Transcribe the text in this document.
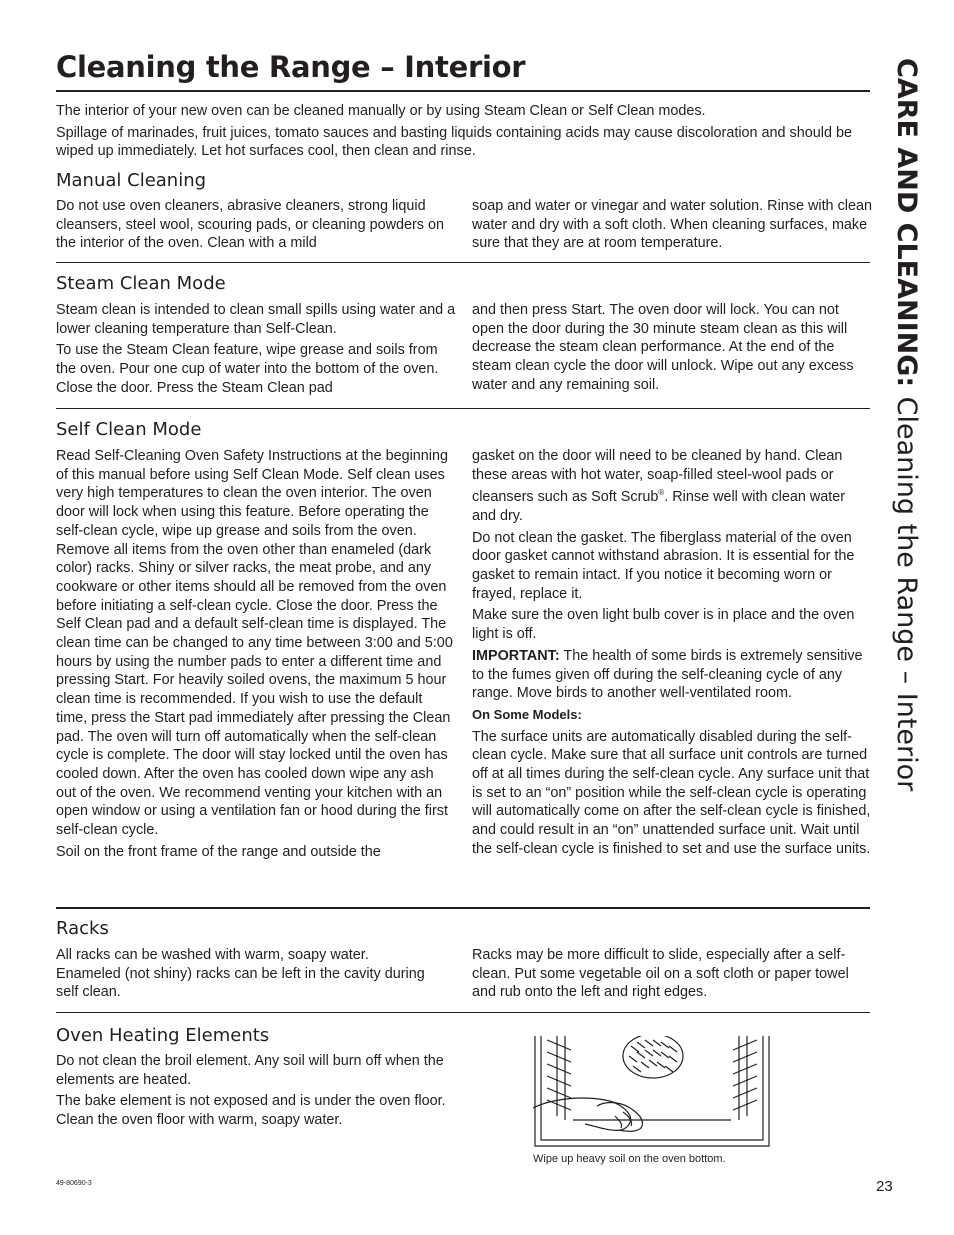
Cleaning the Range – Interior	CARE AND CLEANING: Cleaning the Range – Interior

The interior of your new oven can be cleaned manually or by using Steam Clean or Self Clean modes.

Spillage of marinades, fruit juices, tomato sauces and basting liquids containing acids may cause discoloration and should be wiped up immediately. Let hot surfaces cool, then clean and rinse.

Manual Cleaning

Do not use oven cleaners, abrasive cleaners, strong liquid cleansers, steel wool, scouring pads, or cleaning powders on the interior of the oven. Clean with a mild

soap and water or vinegar and water solution. Rinse with clean water and dry with a soft cloth. When cleaning surfaces, make sure that they are at room temperature.

Steam Clean Mode

Steam clean is intended to clean small spills using water and a lower cleaning temperature than Self-Clean.

To use the Steam Clean feature, wipe grease and soils from the oven. Pour one cup of water into the bottom of the oven. Close the door. Press the Steam Clean pad

and then press Start. The oven door will lock. You can not open the door during the 30 minute steam clean as this will decrease the steam clean performance. At the end of the steam clean cycle the door will unlock. Wipe out any excess water and any remaining soil.

Self Clean Mode

Read Self-Cleaning Oven Safety Instructions at the beginning of this manual before using Self Clean Mode. Self clean uses very high temperatures to clean the oven interior. The oven door will lock when using this feature. Before operating the self-clean cycle, wipe up grease and soils from the oven. Remove all items from the oven other than enameled (dark color) racks. Shiny or silver racks, the meat probe, and any cookware or other items should all be removed from the oven before initiating a self-clean cycle. Close the door. Press the Self Clean pad and a default self-clean time is displayed. The clean time can be changed to any time between 3:00 and 5:00 hours by using the number pads to enter a different time and pressing Start. For heavily soiled ovens, the maximum 5 hour clean time is recommended. If you wish to use the default time, press the Start pad immediately after pressing the Clean pad. The oven will turn off automatically when the self-clean cycle is complete. The door will stay locked until the oven has cooled down. After the oven has cooled down wipe any ash out of the oven. We recommend venting your kitchen with an open window or using a ventilation fan or hood during the first self-clean cycle.

Soil on the front frame of the range and outside the

gasket on the door will need to be cleaned by hand. Clean these areas with hot water, soap-filled steel-wool pads or cleansers such as Soft Scrub®. Rinse well with clean water and dry.

Do not clean the gasket. The fiberglass material of the oven door gasket cannot withstand abrasion. It is essential for the gasket to remain intact. If you notice it becoming worn or frayed, replace it.

Make sure the oven light bulb cover is in place and the oven light is off.

IMPORTANT: The health of some birds is extremely sensitive to the fumes given off during the self-cleaning cycle of any range. Move birds to another well-ventilated room.

On Some Models:

The surface units are automatically disabled during the self-clean cycle. Make sure that all surface unit controls are turned off at all times during the self-clean cycle. Any surface unit that is set to an “on” position while the self-clean cycle is operating will automatically come on after the self-clean cycle is finished, and could result in an “on” unattended surface unit. Wait until the self-clean cycle is finished to set and use the surface units.

Racks

All racks can be washed with warm, soapy water. Enameled (not shiny) racks can be left in the cavity during self clean.

Racks may be more difficult to slide, especially after a self-clean. Put some vegetable oil on a soft cloth or paper towel and rub onto the left and right edges.

Oven Heating Elements

Do not clean the broil element. Any soil will burn off when the elements are heated.

The bake element is not exposed and is under the oven floor. Clean the oven floor with warm, soapy water.

Wipe up heavy soil on the oven bottom.
49-80690-3	23
